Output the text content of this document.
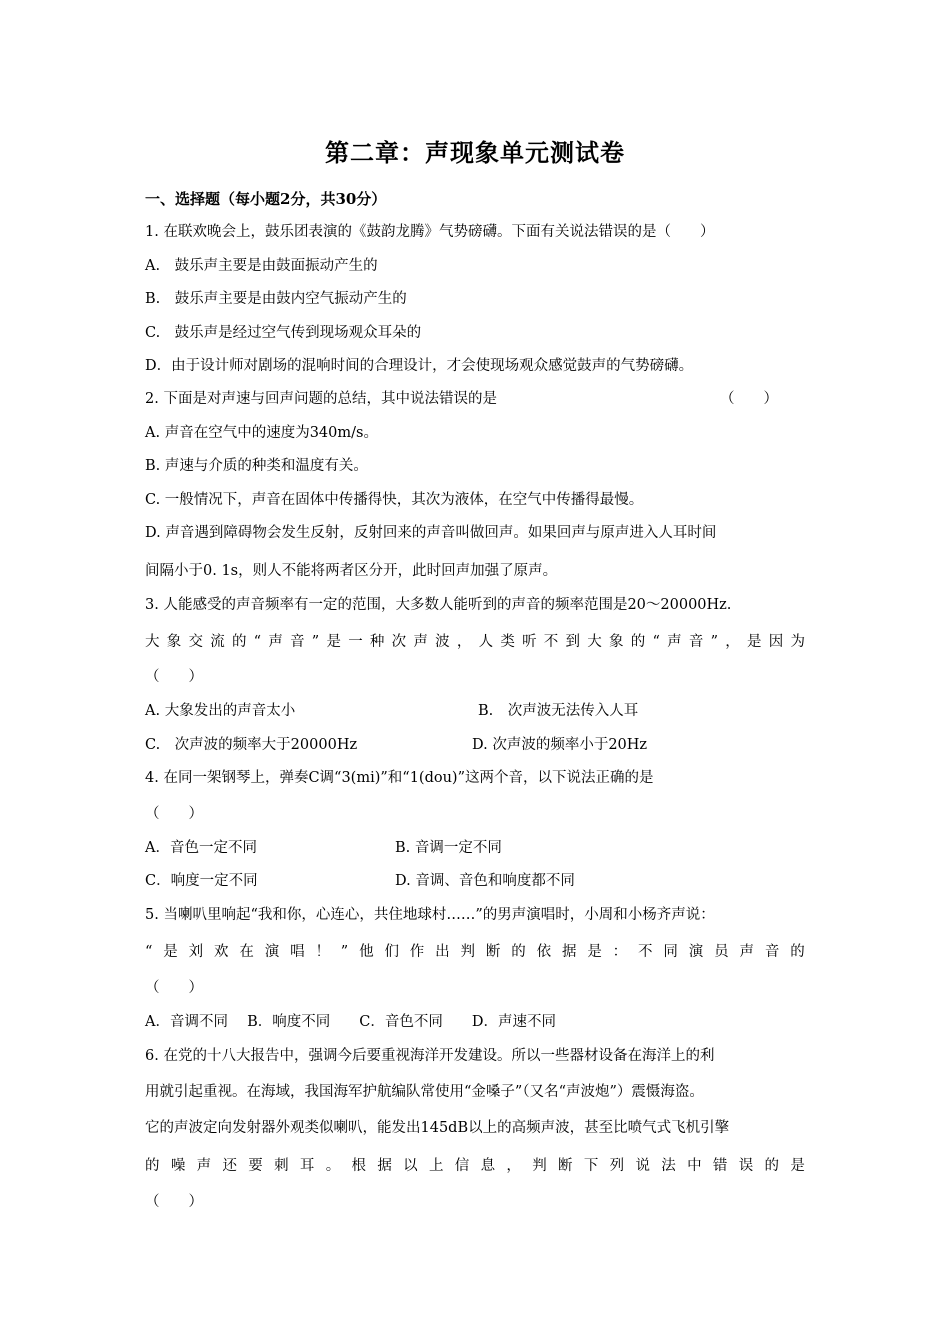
第二章：声现象单元测试卷
一、选择题（每小题2分，共30分）
1. 在联欢晚会上，鼓乐团表演的《鼓韵龙腾》气势磅礴。下面有关说法错误的是（　　）
A.　鼓乐声主要是由鼓面振动产生的
B.　鼓乐声主要是由鼓内空气振动产生的
C.　鼓乐声是经过空气传到现场观众耳朵的
D．由于设计师对剧场的混响时间的合理设计，才会使现场观众感觉鼓声的气势磅礴。
2. 下面是对声速与回声问题的总结，其中说法错误的是	（　　）
A. 声音在空气中的速度为340m/s。
B. 声速与介质的种类和温度有关。
C. 一般情况下，声音在固体中传播得快，其次为液体，在空气中传播得最慢。
D. 声音遇到障碍物会发生反射，反射回来的声音叫做回声。如果回声与原声进入人耳时间
间隔小于0. 1s，则人不能将两者区分开，此时回声加强了原声。
3. 人能感受的声音频率有一定的范围，大多数人能听到的声音的频率范围是20～20000Hz.
大 象 交 流 的 “ 声 音 ” 是 一 种 次 声 波 ， 人 类 听 不 到 大 象 的 “ 声 音 ” ， 是 因 为
（　　）
A. 大象发出的声音太小	B.　次声波无法传入人耳
C.　次声波的频率大于20000Hz	D. 次声波的频率小于20Hz
4. 在同一架钢琴上，弹奏C调“3(mi)”和“1(dou)”这两个音，以下说法正确的是
（　　）
A．音色一定不同	B. 音调一定不同
C．响度一定不同	D. 音调、音色和响度都不同
5. 当喇叭里响起“我和你，心连心，共住地球村……”的男声演唱时，小周和小杨齐声说：
“ 是 刘 欢 在 演 唱 ！ ” 他 们 作 出 判 断 的 依 据 是 ： 不 同 演 员 声 音 的
（　　）
A．音调不同　 B．响度不同　　C．音色不同　　D．声速不同
6. 在党的十八大报告中，强调今后要重视海洋开发建设。所以一些器材设备在海洋上的利
用就引起重视。在海域，我国海军护航编队常使用“金嗓子”（又名“声波炮”）震慑海盗。
它的声波定向发射器外观类似喇叭，能发出145dB以上的高频声波，甚至比喷气式飞机引擎
的 噪 声 还 要 刺 耳 。 根 据 以 上 信 息 ， 判 断 下 列 说 法 中 错 误 的 是
（　　）
